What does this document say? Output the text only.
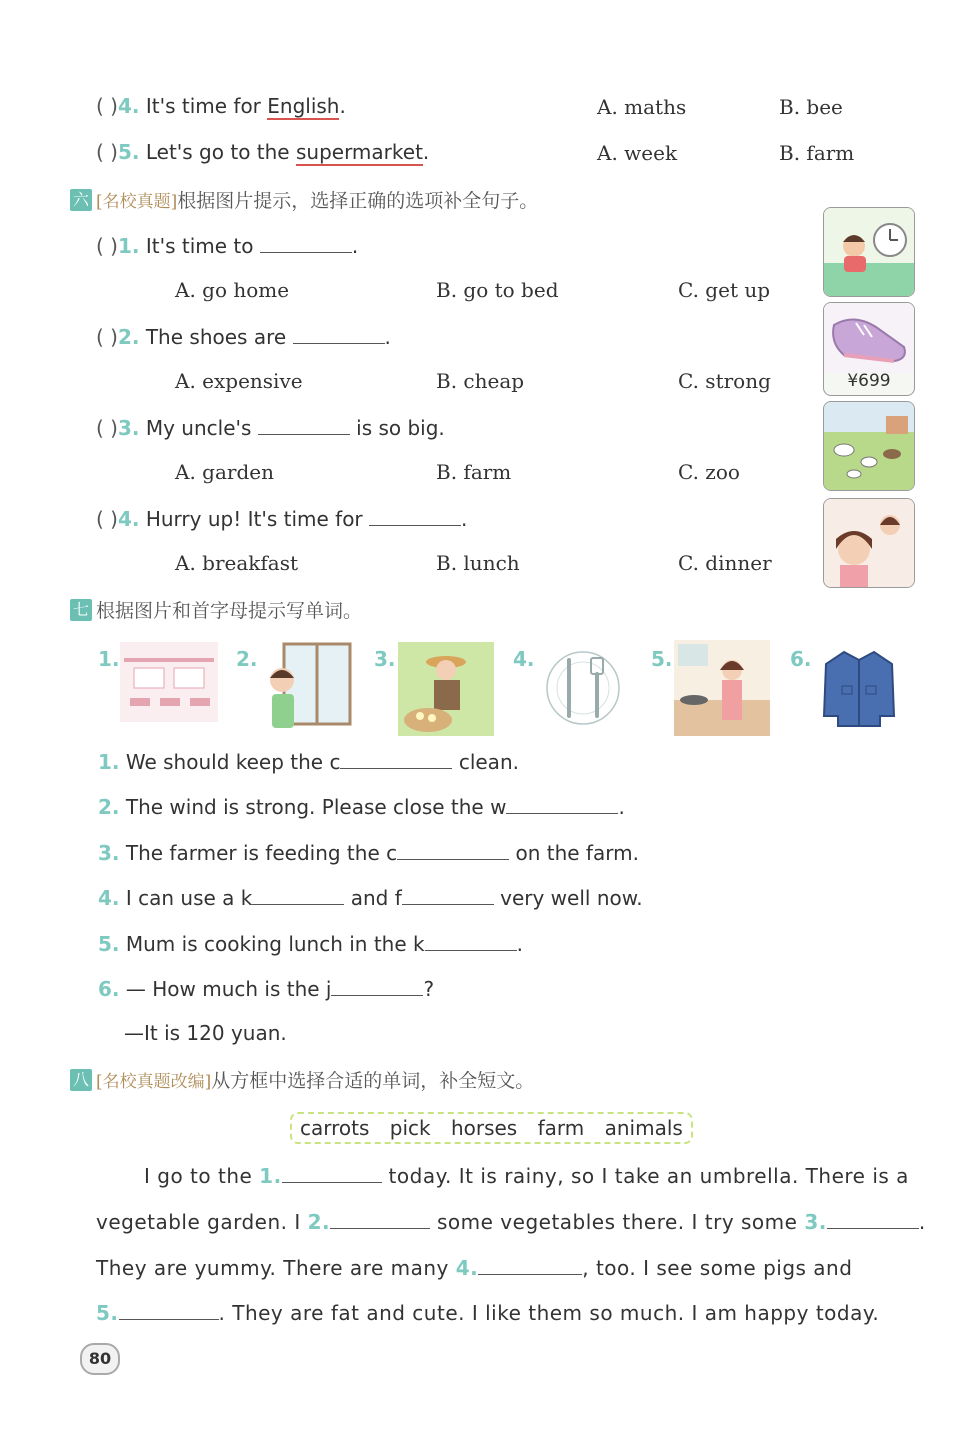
( )4. It's time for English.	A. maths	B. bee
( )5. Let's go to the supermarket.	A. week	B. farm
六 [名校真题] 根据图片提示，选择正确的选项补全句子。
( )1. It's time to	.
A. go home	B. go to bed	C. get up
( )2. The shoes are	.
A. expensive	B. cheap	C. strong
( )3. My uncle's	is so big.
A. garden	B. farm	C. zoo
( )4. Hurry up! It's time for	.
A. breakfast	B. lunch	C. dinner
¥699
七 根据图片和首字母提示写单词。
1.	2.	3.	4.	5.	6.
1. We should keep the c	clean.
2. The wind is strong. Please close the w	.
3. The farmer is feeding the c	on the farm.
4. I can use a k	and f	very well now.
5. Mum is cooking lunch in the k	.
6. — How much is the j	?
—It is 120 yuan.
八 [名校真题改编] 从方框中选择合适的单词，补全短文。
carrots pick horses farm animals
I go to the 1.	today. It is rainy, so I take an umbrella. There is a
vegetable garden. I 2.	some vegetables there. I try some 3.	.
They are yummy. There are many 4.	, too. I see some pigs and
5.	. They are fat and cute. I like them so much. I am happy today.
80
